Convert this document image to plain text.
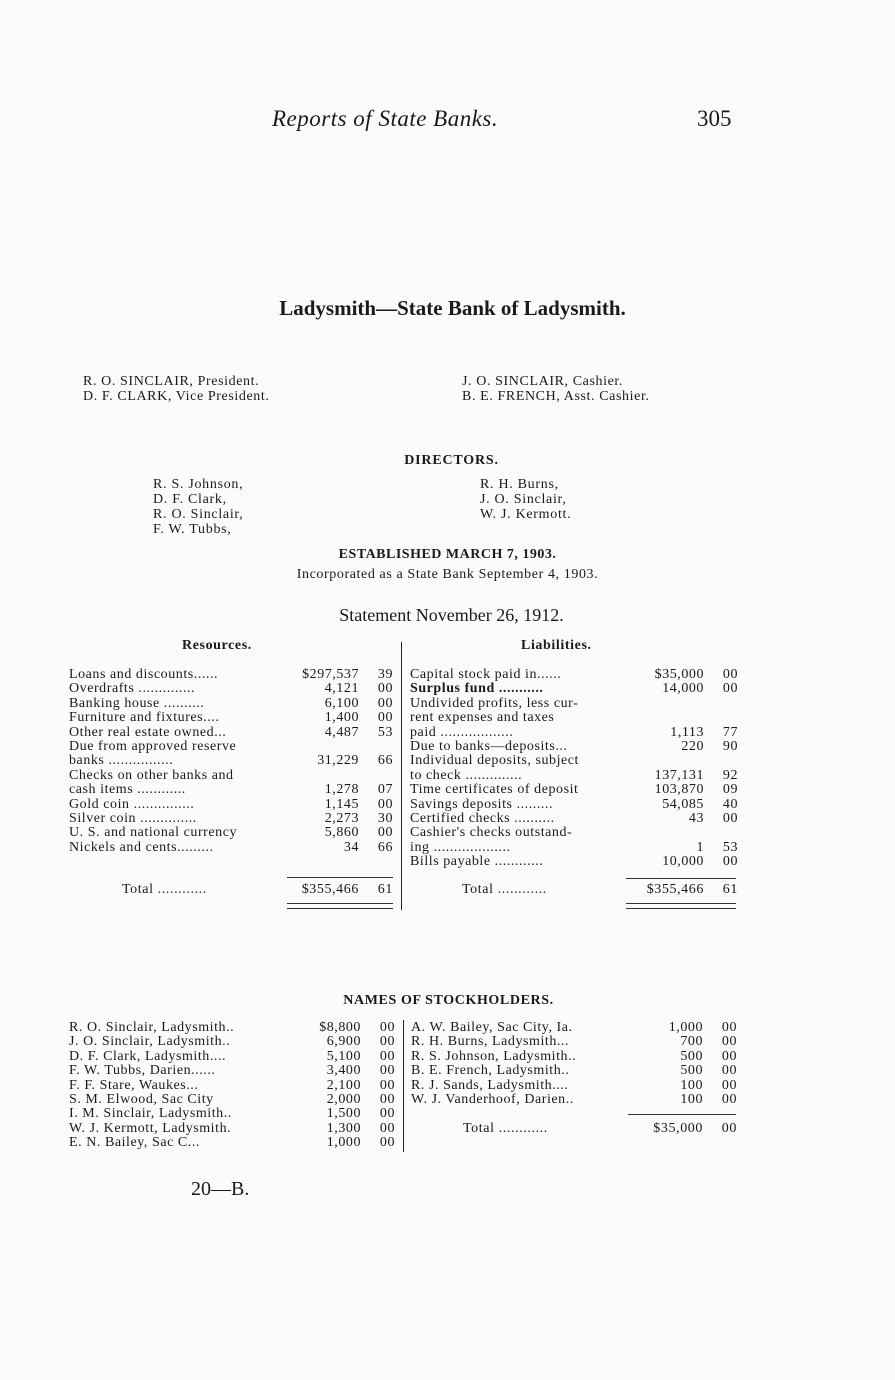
Reports of State Banks.	305
Ladysmith—State Bank of Ladysmith.
R. O. SINCLAIR, President.
D. F. CLARK, Vice President.
J. O. SINCLAIR, Cashier.
B. E. FRENCH, Asst. Cashier.
DIRECTORS.
R. S. Johnson,
D. F. Clark,
R. O. Sinclair,
F. W. Tubbs,
R. H. Burns,
J. O. Sinclair,
W. J. Kermott.
ESTABLISHED MARCH 7, 1903.
Incorporated as a State Bank September 4, 1903.
Statement November 26, 1912.
Resources.	Liabilities.
Loans and discounts......	$297,537	39
Overdrafts ..............	4,121	00
Banking house ..........	6,100	00
Furniture and fixtures....	1,400	00
Other real estate owned...	4,487	53
Due from approved reserve
banks ................	31,229	66
Checks on other banks and
cash items ............	1,278	07
Gold coin ...............	1,145	00
Silver coin ..............	2,273	30
U. S. and national currency	5,860	00
Nickels and cents.........	34	66
Total ............	$355,466	61
Capital stock paid in......	$35,000	00
Surplus fund ...........	14,000	00
Undivided profits, less cur-
rent expenses and taxes
paid ..................	1,113	77
Due to banks—deposits...	220	90
Individual deposits, subject
to check ..............	137,131	92
Time certificates of deposit	103,870	09
Savings deposits .........	54,085	40
Certified checks ..........	43	00
Cashier's checks outstand-
ing ...................	1	53
Bills payable ............	10,000	00
Total ............	$355,466	61
NAMES OF STOCKHOLDERS.
R. O. Sinclair, Ladysmith..	$8,800	00
J. O. Sinclair, Ladysmith..	6,900	00
D. F. Clark, Ladysmith....	5,100	00
F. W. Tubbs, Darien......	3,400	00
F. F. Stare, Waukes...	2,100	00
S. M. Elwood, Sac City	2,000	00
I. M. Sinclair, Ladysmith..	1,500	00
W. J. Kermott, Ladysmith.	1,300	00
E. N. Bailey, Sac C...	1,000	00
A. W. Bailey, Sac City, Ia.	1,000	00
R. H. Burns, Ladysmith...	700	00
R. S. Johnson, Ladysmith..	500	00
B. E. French, Ladysmith..	500	00
R. J. Sands, Ladysmith....	100	00
W. J. Vanderhoof, Darien..	100	00
Total ............	$35,000	00
20—B.
